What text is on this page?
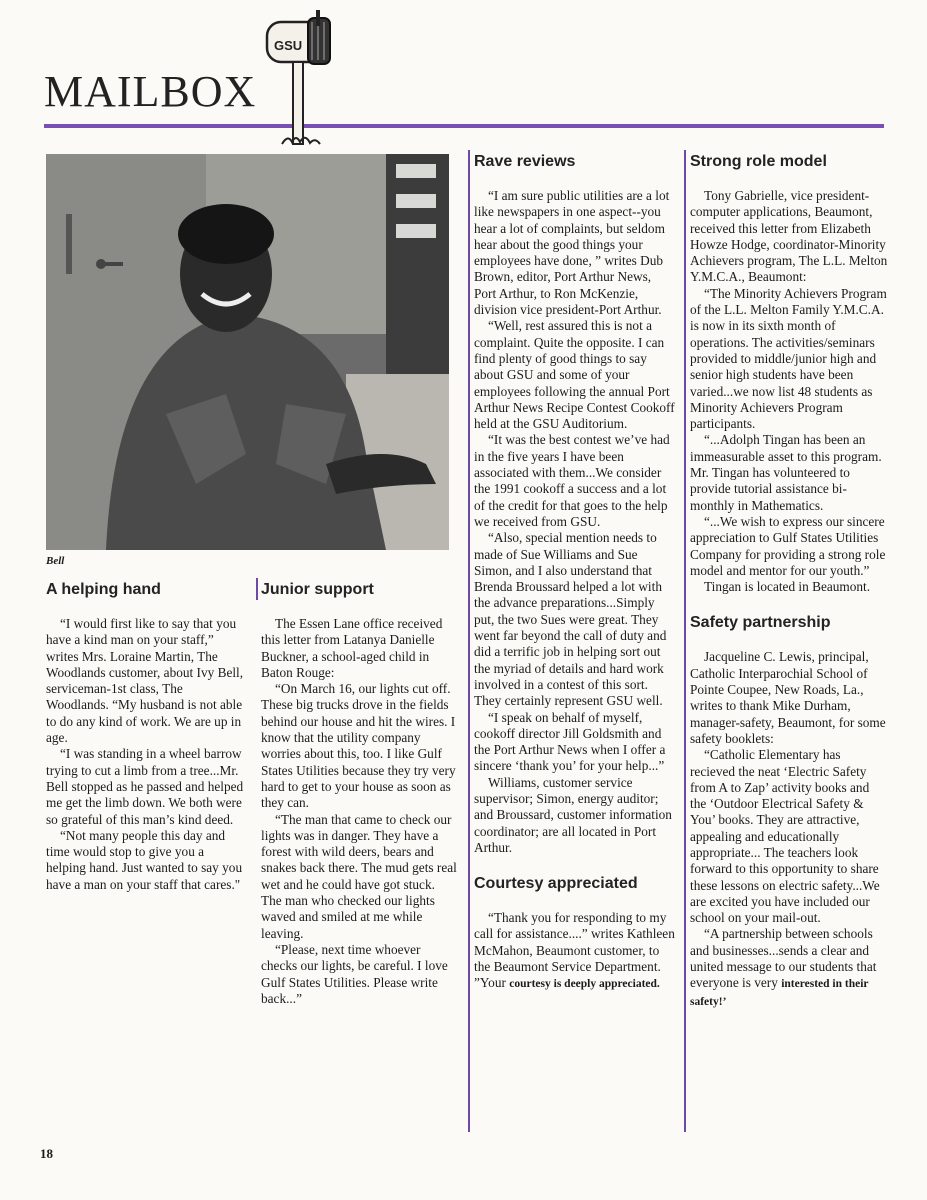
MAILBOX
GSU

Bell

A helping hand

“I would first like to say that you have a kind man on your staff,” writes Mrs. Loraine Martin, The Woodlands customer, about Ivy Bell, serviceman-1st class, The Woodlands. “My husband is not able to do any kind of work. We are up in age.

“I was standing in a wheel barrow trying to cut a limb from a tree...Mr. Bell stopped as he passed and helped me get the limb down. We both were so grateful of this man’s kind deed.

“Not many people this day and time would stop to give you a helping hand. Just wanted to say you have a man on your staff that cares."

Junior support

The Essen Lane office received this letter from Latanya Danielle Buckner, a school-aged child in Baton Rouge:

“On March 16, our lights cut off. These big trucks drove in the fields behind our house and hit the wires. I know that the utility company worries about this, too. I like Gulf States Utilities because they try very hard to get to your house as soon as they can.

“The man that came to check our lights was in danger. They have a forest with wild deers, bears and snakes back there. The mud gets real wet and he could have got stuck. The man who checked our lights waved and smiled at me while leaving.

“Please, next time whoever checks our lights, be careful. I love Gulf States Utilities. Please write back...”

Rave reviews

“I am sure public utilities are a lot like newspapers in one aspect--you hear a lot of complaints, but seldom hear about the good things your employees have done, ” writes Dub Brown, editor, Port Arthur News, Port Arthur, to Ron McKenzie, division vice president-Port Arthur.

“Well, rest assured this is not a complaint. Quite the opposite. I can find plenty of good things to say about GSU and some of your employees following the annual Port Arthur News Recipe Contest Cookoff held at the GSU Auditorium.

“It was the best contest we’ve had in the five years I have been associated with them...We consider the 1991 cookoff a success and a lot of the credit for that goes to the help we received from GSU.

“Also, special mention needs to made of Sue Williams and Sue Simon, and I also understand that Brenda Broussard helped a lot with the advance preparations...Simply put, the two Sues were great. They went far beyond the call of duty and did a terrific job in helping sort out the myriad of details and hard work involved in a contest of this sort. They certainly represent GSU well.

“I speak on behalf of myself, cookoff director Jill Goldsmith and the Port Arthur News when I offer a sincere ‘thank you’ for your help...”

Williams, customer service supervisor; Simon, energy auditor; and Broussard, customer information coordinator; are all located in Port Arthur.

Courtesy appreciated

“Thank you for responding to my call for assistance....” writes Kathleen McMahon, Beaumont customer, to the Beaumont Service Department. ”Your courtesy is deeply appreciated.

Strong role model

Tony Gabrielle, vice president-computer applications, Beaumont, received this letter from Elizabeth Howze Hodge, coordinator-Minority Achievers program, The L.L. Melton Y.M.C.A., Beaumont:

“The Minority Achievers Program of the L.L. Melton Family Y.M.C.A. is now in its sixth month of operations. The activities/seminars provided to middle/junior high and senior high students have been varied...we now list 48 students as Minority Achievers Program participants.

“...Adolph Tingan has been an immeasurable asset to this program. Mr. Tingan has volunteered to provide tutorial assistance bi-monthly in Mathematics.

“...We wish to express our sincere appreciation to Gulf States Utilities Company for providing a strong role model and mentor for our youth.”

Tingan is located in Beaumont.

Safety partnership

Jacqueline C. Lewis, principal, Catholic Interparochial School of Pointe Coupee, New Roads, La., writes to thank Mike Durham, manager-safety, Beaumont, for some safety booklets:

“Catholic Elementary has recieved the neat ‘Electric Safety from A to Zap’ activity books and the ‘Outdoor Electrical Safety & You’ books. They are attractive, appealing and educationally appropriate... The teachers look forward to this opportunity to share these lessons on electric safety...We are excited you have included our school on your mail-out.

“A partnership between schools and businesses...sends a clear and united message to our students that everyone is very interested in their safety!’

18
